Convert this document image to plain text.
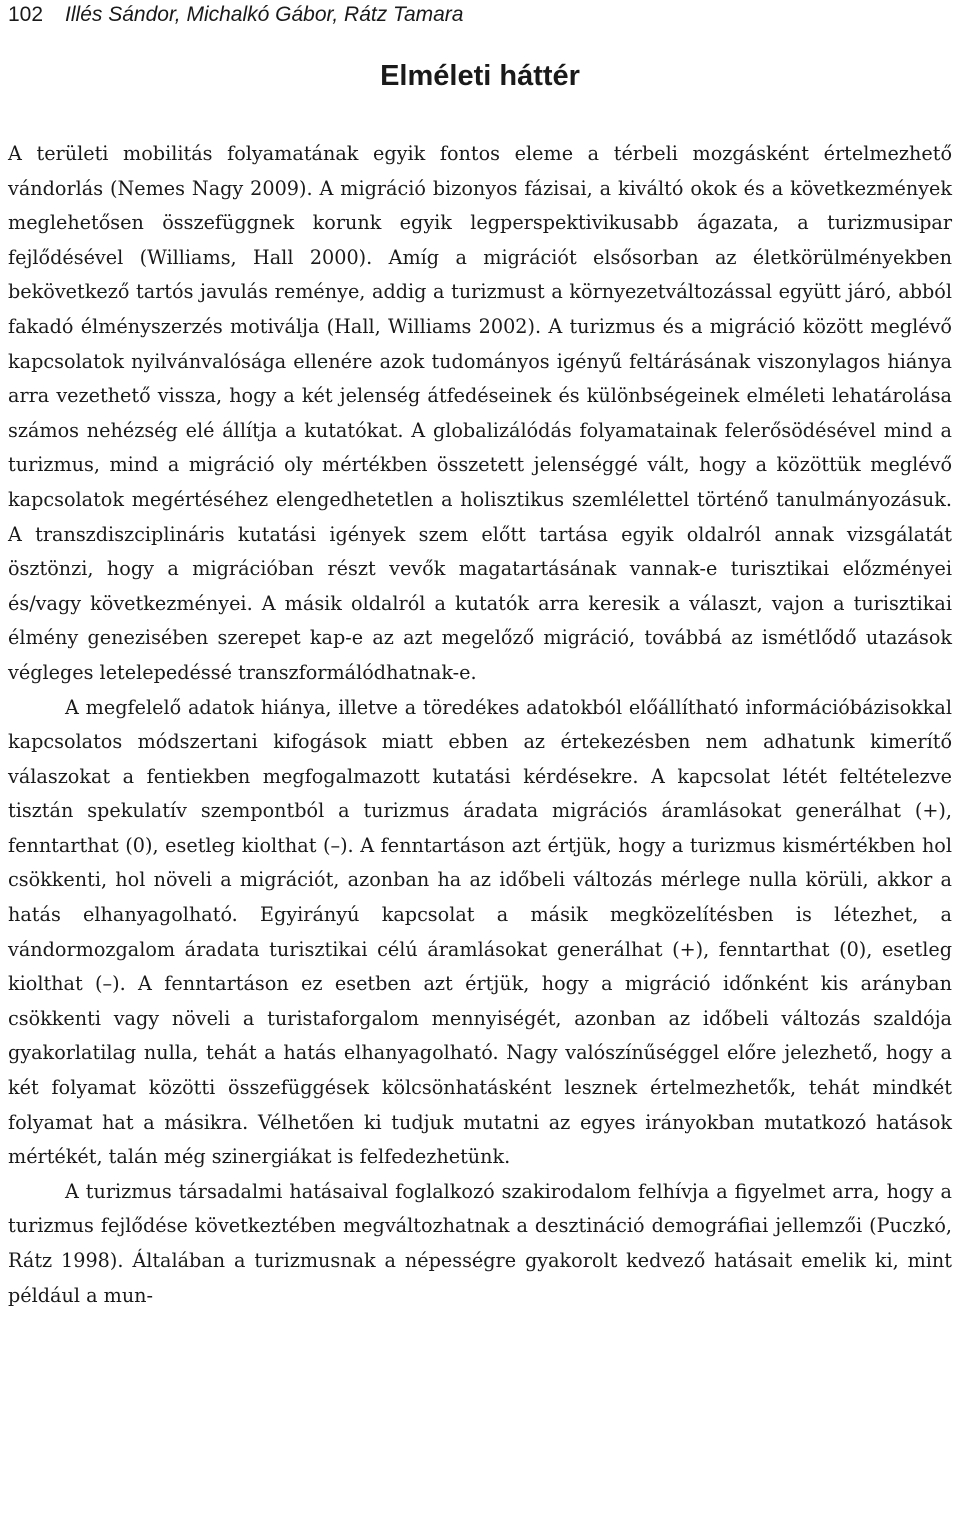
102 Illés Sándor, Michalkó Gábor, Rátz Tamara
Elméleti háttér

A területi mobilitás folyamatának egyik fontos eleme a térbeli mozgásként értelmezhető vándorlás (Nemes Nagy 2009). A migráció bizonyos fázisai, a kiváltó okok és a következmények meglehetősen összefüggnek korunk egyik legperspektivikusabb ágazata, a turizmusipar fejlődésével (Williams, Hall 2000). Amíg a migrációt elsősorban az életkörülményekben bekövetkező tartós javulás reménye, addig a turizmust a környezetváltozással együtt járó, abból fakadó élményszerzés motiválja (Hall, Williams 2002). A turizmus és a migráció között meglévő kapcsolatok nyilvánvalósága ellenére azok tudományos igényű feltárásának viszonylagos hiánya arra vezethető vissza, hogy a két jelenség átfedéseinek és különbségeinek elméleti lehatárolása számos nehézség elé állítja a kutatókat. A globalizálódás folyamatainak felerősödésével mind a turizmus, mind a migráció oly mértékben összetett jelenséggé vált, hogy a közöttük meglévő kapcsolatok megértéséhez elengedhetetlen a holisztikus szemlélettel történő tanulmányozásuk. A transzdiszciplináris kutatási igények szem előtt tartása egyik oldalról annak vizsgálatát ösztönzi, hogy a migrációban részt vevők magatartásának vannak-e turisztikai előzményei és/vagy következményei. A másik oldalról a kutatók arra keresik a választ, vajon a turisztikai élmény genezisében szerepet kap-e az azt megelőző migráció, továbbá az ismétlődő utazások végleges letelepedéssé transzformálódhatnak-e.

A megfelelő adatok hiánya, illetve a töredékes adatokból előállítható információbázisokkal kapcsolatos módszertani kifogások miatt ebben az értekezésben nem adhatunk kimerítő válaszokat a fentiekben megfogalmazott kutatási kérdésekre. A kapcsolat létét feltételezve tisztán spekulatív szempontból a turizmus áradata migrációs áramlásokat generálhat (+), fenntarthat (0), esetleg kiolthat (–). A fenntartáson azt értjük, hogy a turizmus kismértékben hol csökkenti, hol növeli a migrációt, azonban ha az időbeli változás mérlege nulla körüli, akkor a hatás elhanyagolható. Egyirányú kapcsolat a másik megközelítésben is létezhet, a vándormozgalom áradata turisztikai célú áramlásokat generálhat (+), fenntarthat (0), esetleg kiolthat (–). A fenntartáson ez esetben azt értjük, hogy a migráció időnként kis arányban csökkenti vagy növeli a turistaforgalom mennyiségét, azonban az időbeli változás szaldója gyakorlatilag nulla, tehát a hatás elhanyagolható. Nagy valószínűséggel előre jelezhető, hogy a két folyamat közötti összefüggések kölcsönhatásként lesznek értelmezhetők, tehát mindkét folyamat hat a másikra. Vélhetően ki tudjuk mutatni az egyes irányokban mutatkozó hatások mértékét, talán még szinergiákat is felfedezhetünk.

A turizmus társadalmi hatásaival foglalkozó szakirodalom felhívja a figyelmet arra, hogy a turizmus fejlődése következtében megváltozhatnak a desztináció demográfiai jellemzői (Puczkó, Rátz 1998). Általában a turizmusnak a népességre gyakorolt kedvező hatásait emelik ki, mint például a mun-
